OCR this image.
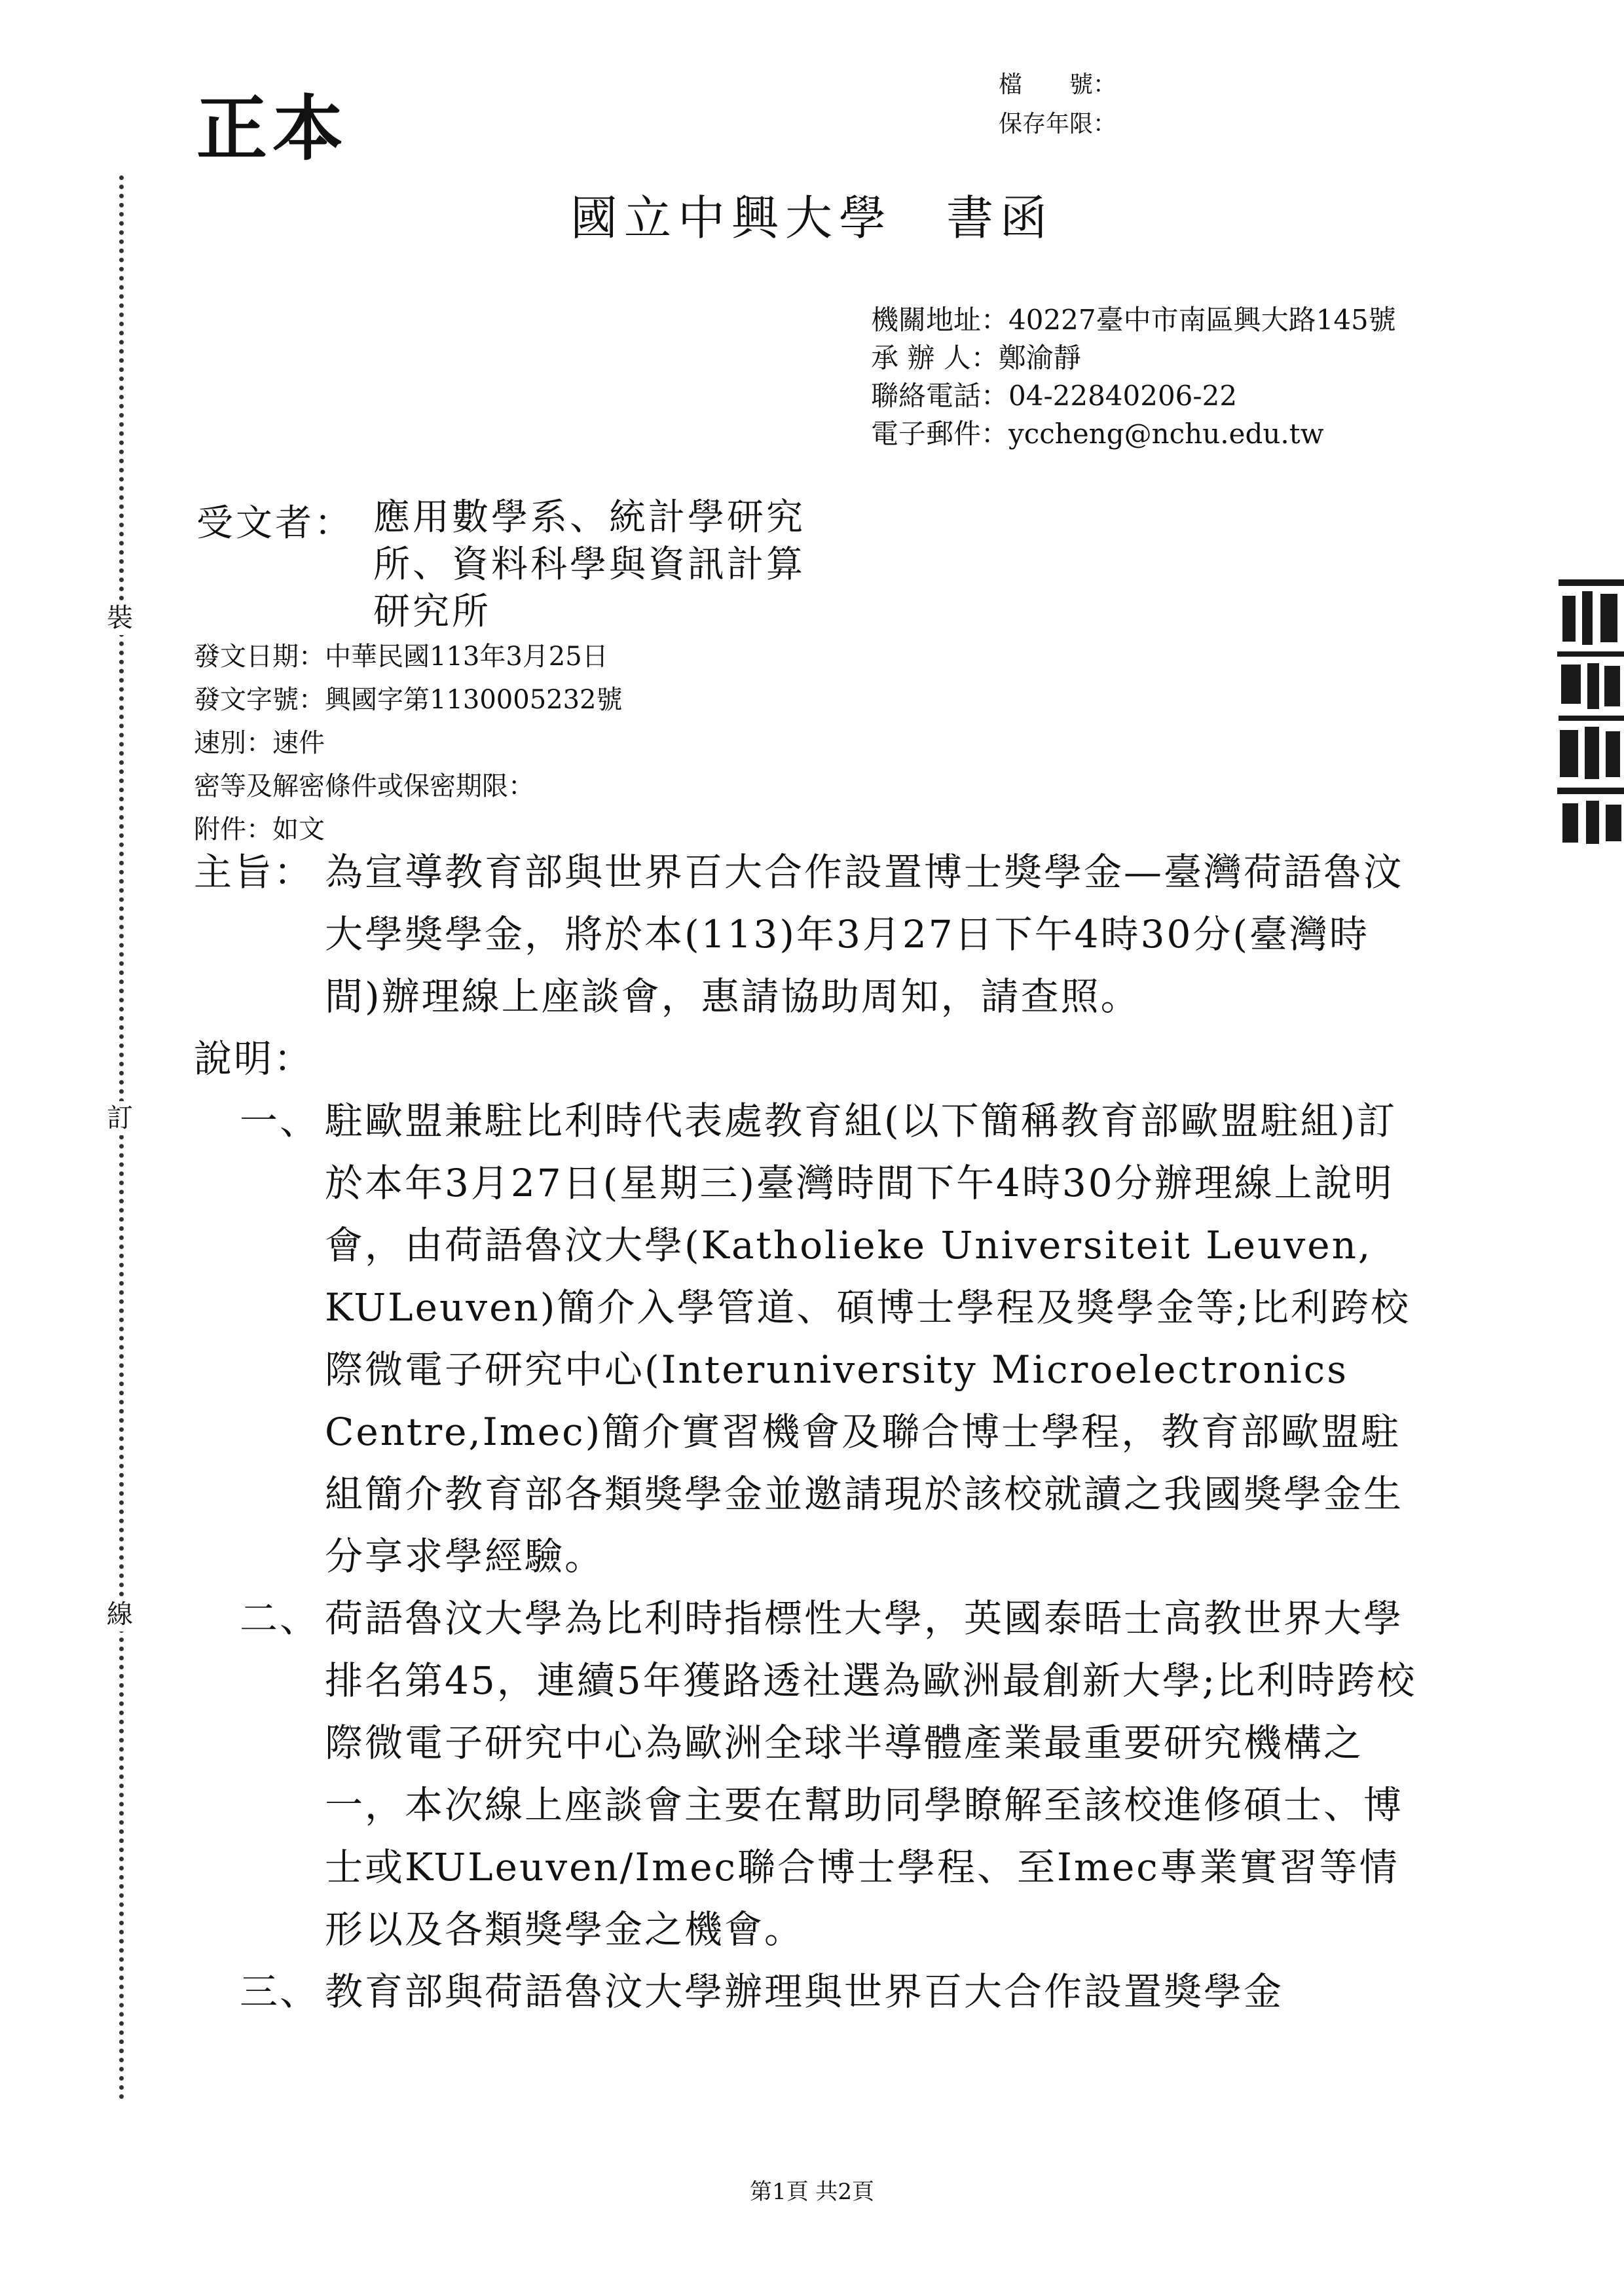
正本
檔　　號：
保存年限：
國立中興大學　書函
機關地址：40227臺中市南區興大路145號
承 辦 人：鄭渝靜
聯絡電話：04-22840206-22
電子郵件：yccheng@nchu.edu.tw
受文者： 應用數學系、統計學研究所、資料科學與資訊計算研究所
發文日期：中華民國113年3月25日
發文字號：興國字第1130005232號
速別：速件
密等及解密條件或保密期限：
附件：如文
主旨： 為宣導教育部與世界百大合作設置博士獎學金—臺灣荷語魯汶大學獎學金，將於本(113)年3月27日下午4時30分(臺灣時間)辦理線上座談會，惠請協助周知，請查照。
說明：
一、 駐歐盟兼駐比利時代表處教育組(以下簡稱教育部歐盟駐組)訂於本年3月27日(星期三)臺灣時間下午4時30分辦理線上說明會，由荷語魯汶大學(Katholieke Universiteit Leuven, KULeuven)簡介入學管道、碩博士學程及獎學金等;比利跨校際微電子研究中心(Interuniversity Microelectronics Centre,Imec)簡介實習機會及聯合博士學程，教育部歐盟駐組簡介教育部各類獎學金並邀請現於該校就讀之我國獎學金生分享求學經驗。
二、 荷語魯汶大學為比利時指標性大學，英國泰晤士高教世界大學排名第45，連續5年獲路透社選為歐洲最創新大學;比利時跨校際微電子研究中心為歐洲全球半導體產業最重要研究機構之一，本次線上座談會主要在幫助同學瞭解至該校進修碩士、博士或KULeuven/Imec聯合博士學程、至Imec專業實習等情形以及各類獎學金之機會。
三、 教育部與荷語魯汶大學辦理與世界百大合作設置獎學金
裝
訂
線
第1頁 共2頁
